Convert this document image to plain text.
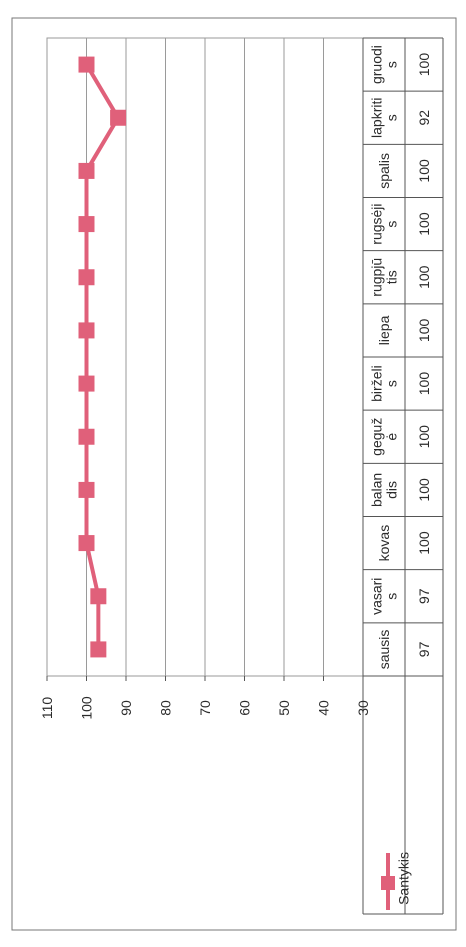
sausis 97
vasari s 97
kovas 100
balan dis 100
geguž ė 100
birželi s 100
liepa 100
rugpjū tis 100
rugsėji s 100
spalis 100
lapkriti s 92
gruodi s 100
30
40
50
60
70
80
90
100
110
Santykis
